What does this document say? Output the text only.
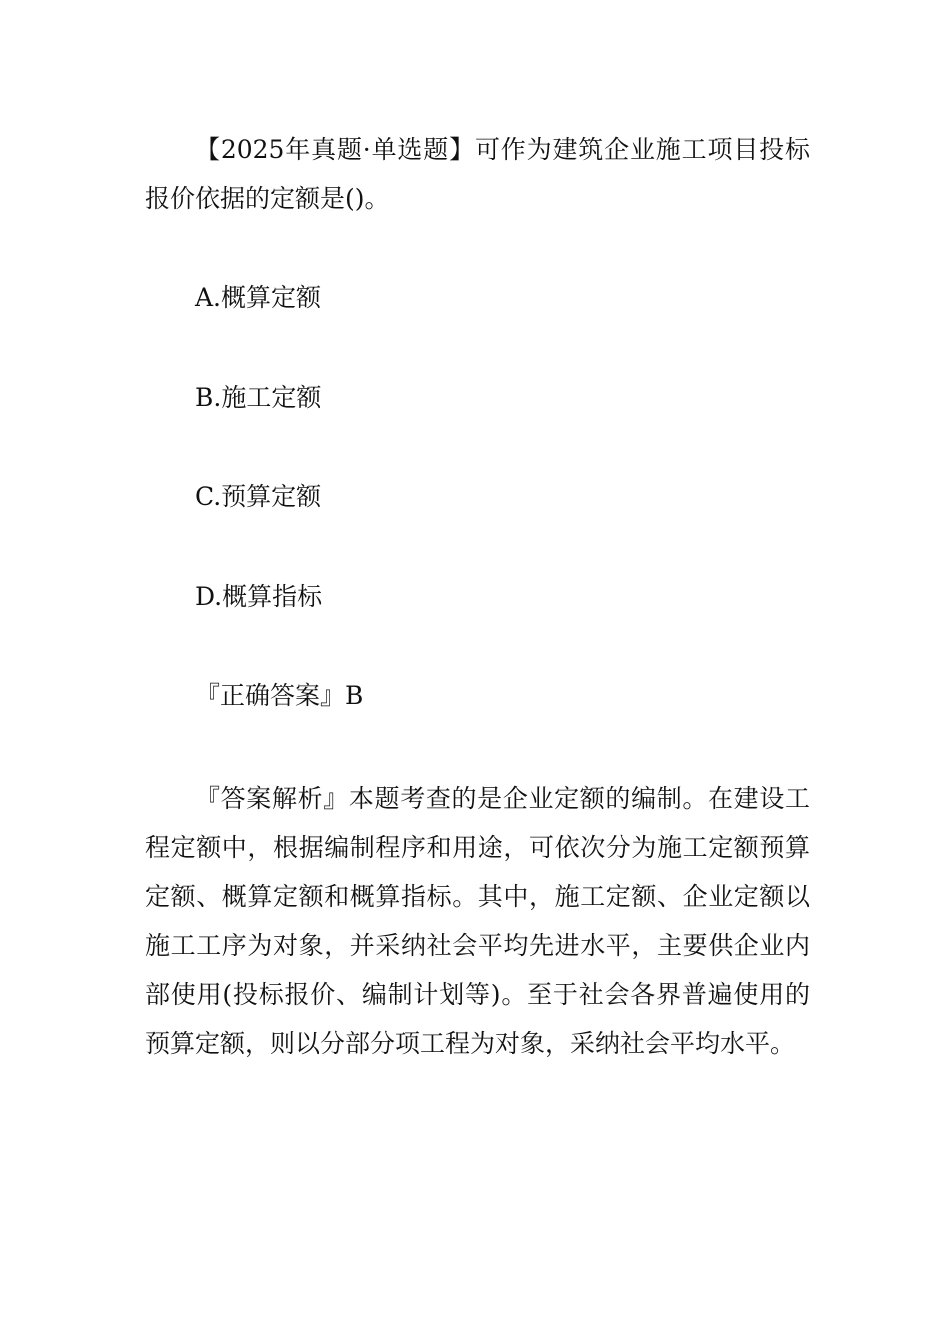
【2025年真题·单选题】可作为建筑企业施工项目投标报价依据的定额是()。

A.概算定额

B.施工定额

C.预算定额

D.概算指标

『正确答案』B

『答案解析』本题考查的是企业定额的编制。在建设工程定额中，根据编制程序和用途，可依次分为施工定额预算定额、概算定额和概算指标。其中，施工定额、企业定额以施工工序为对象，并采纳社会平均先进水平，主要供企业内部使用(投标报价、编制计划等)。至于社会各界普遍使用的预算定额，则以分部分项工程为对象，采纳社会平均水平。
